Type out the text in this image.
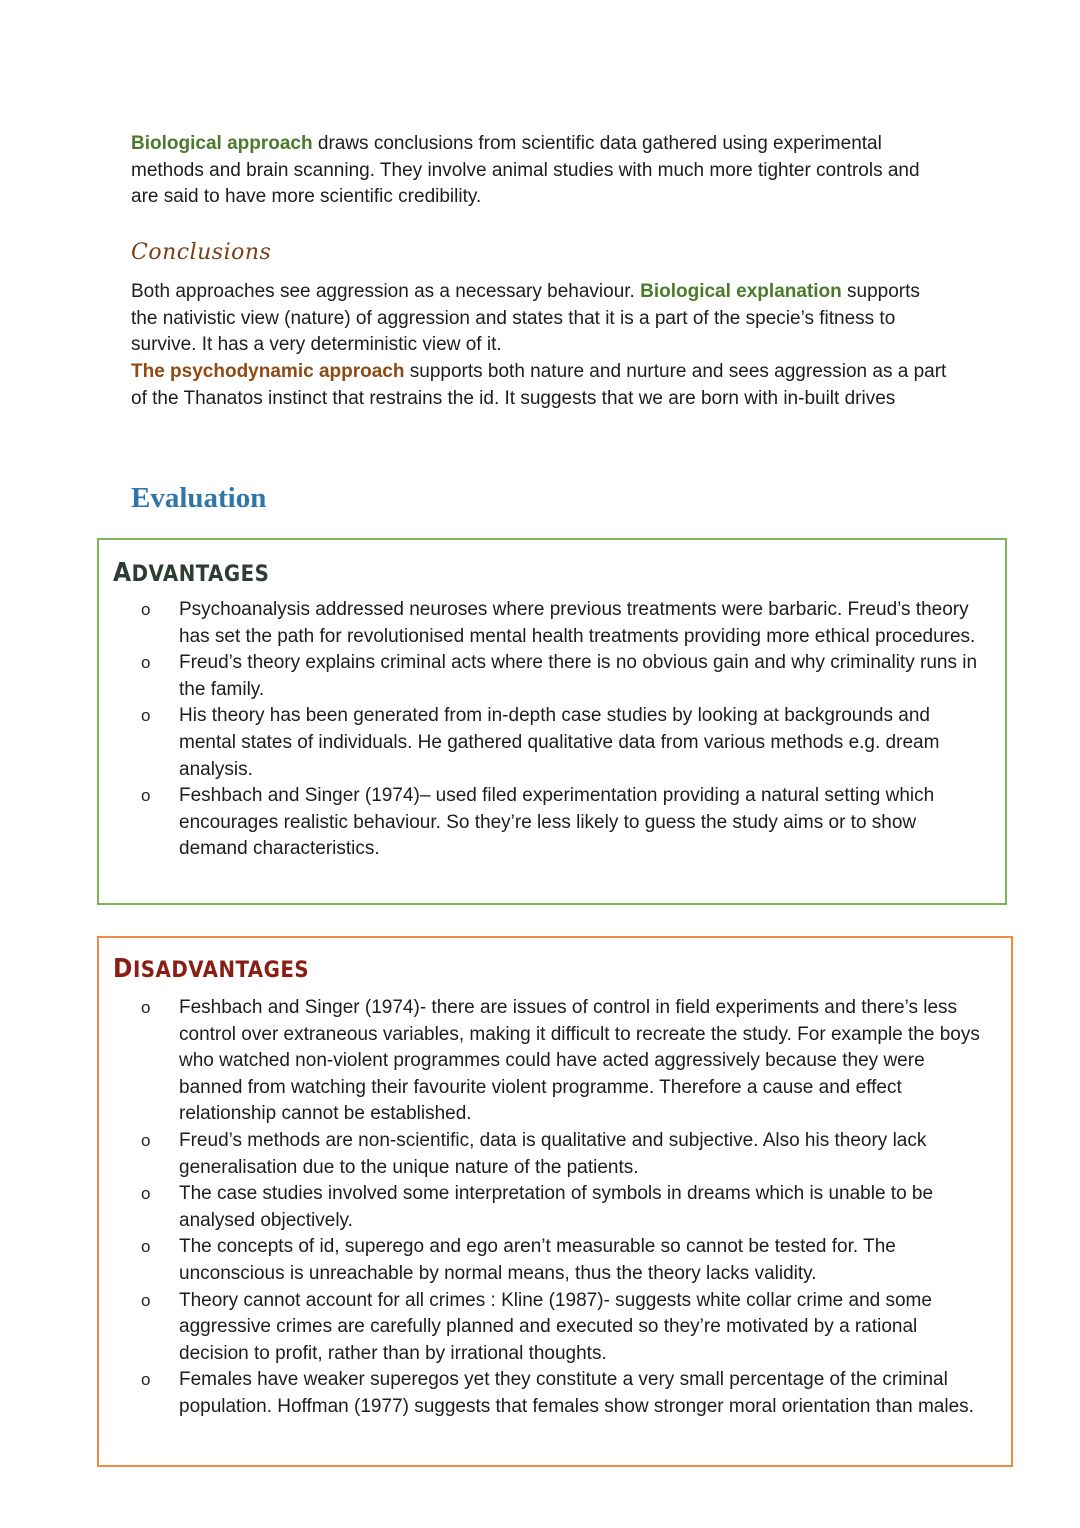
Biological approach draws conclusions from scientific data gathered using experimental methods and brain scanning. They involve animal studies with much more tighter controls and are said to have more scientific credibility.

Conclusions

Both approaches see aggression as a necessary behaviour. Biological explanation supports the nativistic view (nature) of aggression and states that it is a part of the specie’s fitness to survive. It has a very deterministic view of it.

The psychodynamic approach supports both nature and nurture and sees aggression as a part of the Thanatos instinct that restrains the id. It suggests that we are born with in-built drives

Evaluation
ADVANTAGES
o Psychoanalysis addressed neuroses where previous treatments were barbaric. Freud’s theory has set the path for revolutionised mental health treatments providing more ethical procedures.
o Freud’s theory explains criminal acts where there is no obvious gain and why criminality runs in the family.
o His theory has been generated from in-depth case studies by looking at backgrounds and mental states of individuals. He gathered qualitative data from various methods e.g. dream analysis.
o Feshbach and Singer (1974)– used filed experimentation providing a natural setting which encourages realistic behaviour. So they’re less likely to guess the study aims or to show demand characteristics.
DISADVANTAGES
o Feshbach and Singer (1974)- there are issues of control in field experiments and there’s less control over extraneous variables, making it difficult to recreate the study. For example the boys who watched non-violent programmes could have acted aggressively because they were banned from watching their favourite violent programme. Therefore a cause and effect relationship cannot be established.
o Freud’s methods are non-scientific, data is qualitative and subjective. Also his theory lack generalisation due to the unique nature of the patients.
o The case studies involved some interpretation of symbols in dreams which is unable to be analysed objectively.
o The concepts of id, superego and ego aren’t measurable so cannot be tested for. The unconscious is unreachable by normal means, thus the theory lacks validity.
o Theory cannot account for all crimes : Kline (1987)- suggests white collar crime and some aggressive crimes are carefully planned and executed so they’re motivated by a rational decision to profit, rather than by irrational thoughts.
o Females have weaker superegos yet they constitute a very small percentage of the criminal population. Hoffman (1977) suggests that females show stronger moral orientation than males.
